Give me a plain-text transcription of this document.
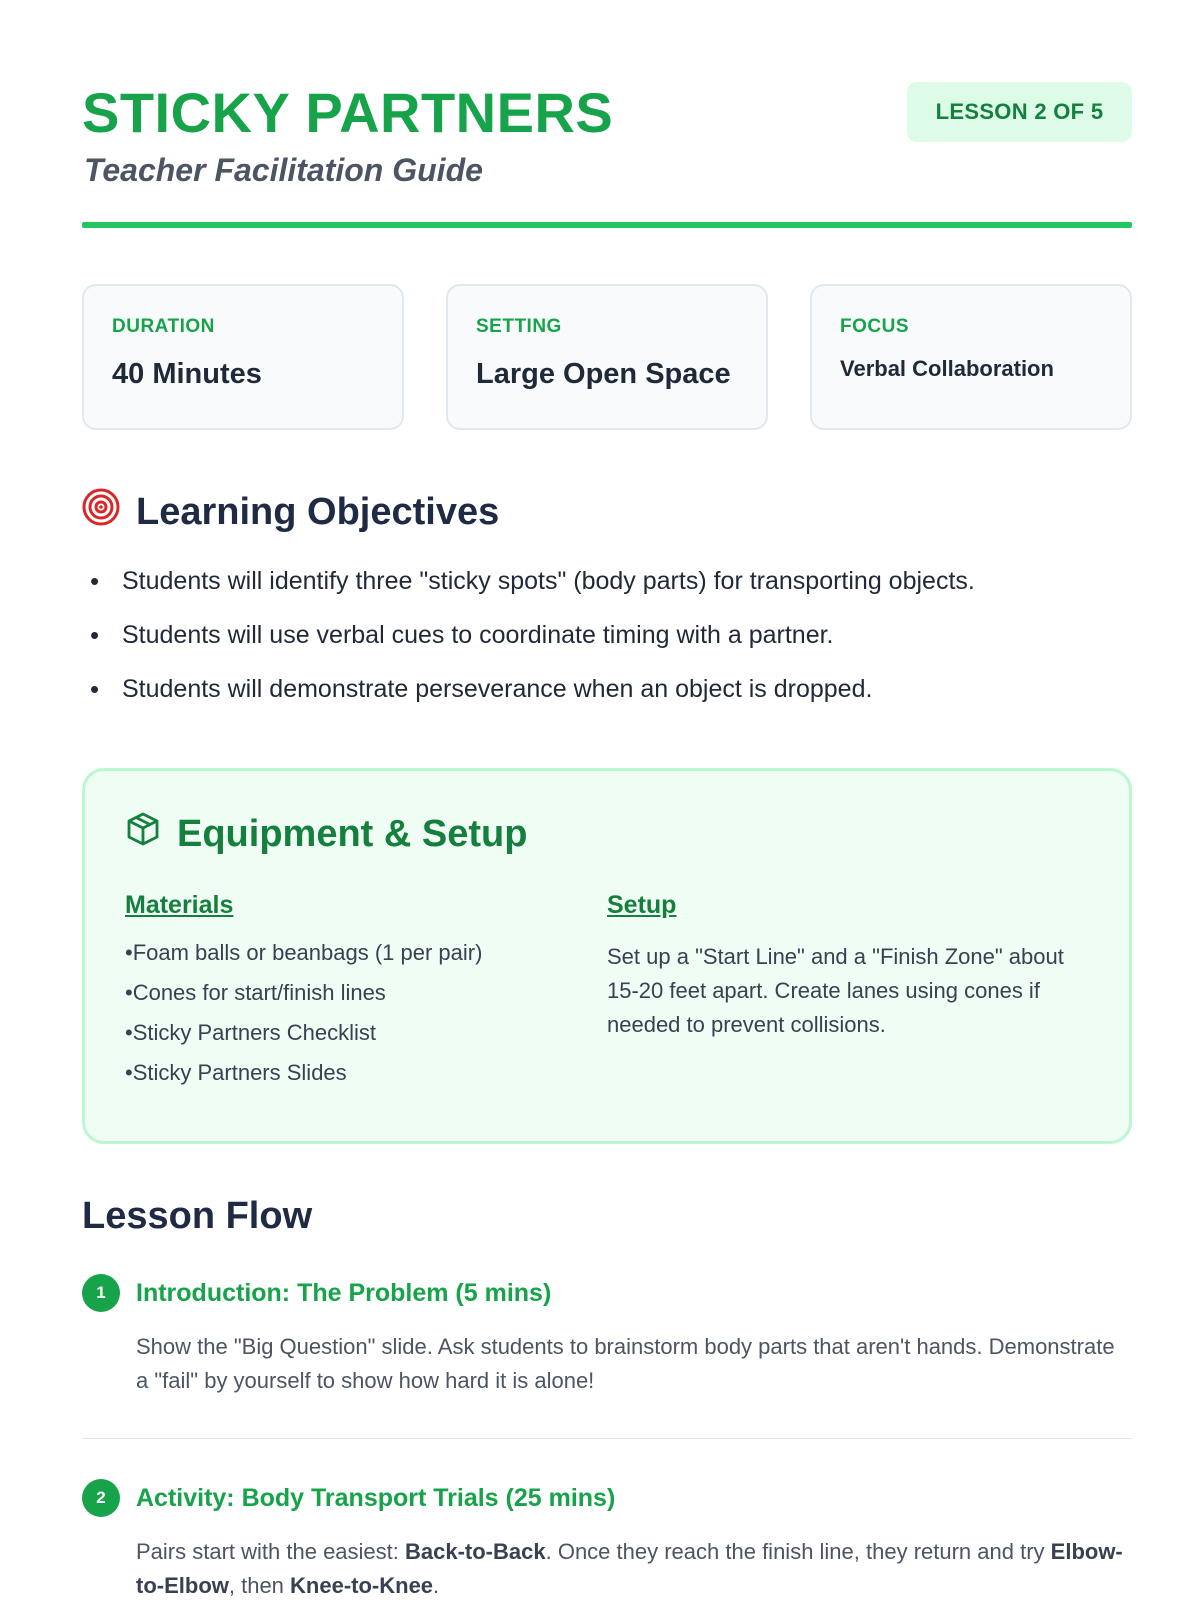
STICKY PARTNERS
Teacher Facilitation Guide
LESSON 2 OF 5
DURATION
40 Minutes
SETTING
Large Open Space
FOCUS
Verbal Collaboration
Learning Objectives
• Students will identify three "sticky spots" (body parts) for transporting objects.
• Students will use verbal cues to coordinate timing with a partner.
• Students will demonstrate perseverance when an object is dropped.
Equipment & Setup
Materials
• Foam balls or beanbags (1 per pair)
• Cones for start/finish lines
• Sticky Partners Checklist
• Sticky Partners Slides
Setup

Set up a "Start Line" and a "Finish Zone" about 15-20 feet apart. Create lanes using cones if needed to prevent collisions.

Lesson Flow
1	Introduction: The Problem (5 mins)

Show the "Big Question" slide. Ask students to brainstorm body parts that aren't hands. Demonstrate a "fail" by yourself to show how hard it is alone!

2	Activity: Body Transport Trials (25 mins)

Pairs start with the easiest: Back-to-Back. Once they reach the finish line, they return and try Elbow-to-Elbow, then Knee-to-Knee.
